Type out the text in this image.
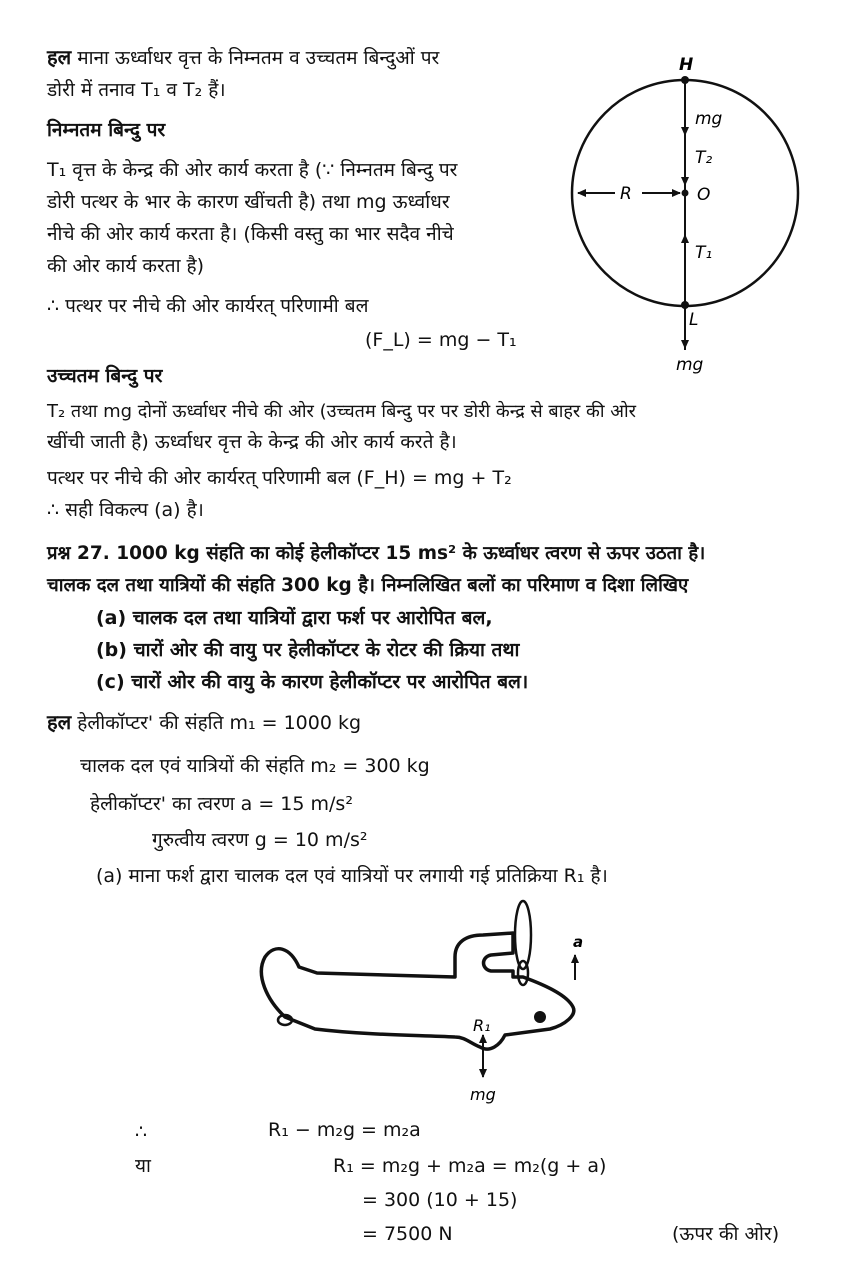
हल माना ऊर्ध्वाधर वृत्त के निम्नतम व उच्चतम बिन्दुओं पर
डोरी में तनाव T₁ व T₂ हैं।
निम्नतम बिन्दु पर
T₁ वृत्त के केन्द्र की ओर कार्य करता है (∵ निम्नतम बिन्दु पर
डोरी पत्थर के भार के कारण खींचती है) तथा mg ऊर्ध्वाधर
नीचे की ओर कार्य करता है। (किसी वस्तु का भार सदैव नीचे
की ओर कार्य करता है)
∴ पत्थर पर नीचे की ओर कार्यरत् परिणामी बल
(F_L) = mg − T₁
उच्चतम बिन्दु पर
T₂ तथा mg दोनों ऊर्ध्वाधर नीचे की ओर (उच्चतम बिन्दु पर पर डोरी केन्द्र से बाहर की ओर
खींची जाती है) ऊर्ध्वाधर वृत्त के केन्द्र की ओर कार्य करते है।
पत्थर पर नीचे की ओर कार्यरत् परिणामी बल (F_H) = mg + T₂
∴ सही विकल्प (a) है।
H
mg
T₂
R	O
T₁
L
mg
प्रश्न 27. 1000 kg संहति का कोई हेलीकॉप्टर 15 ms² के ऊर्ध्वाधर त्वरण से ऊपर उठता है।
चालक दल तथा यात्रियों की संहति 300 kg है। निम्नलिखित बलों का परिमाण व दिशा लिखिए
(a) चालक दल तथा यात्रियों द्वारा फर्श पर आरोपित बल,
(b) चारों ओर की वायु पर हेलीकॉप्टर के रोटर की क्रिया तथा
(c) चारों ओर की वायु के कारण हेलीकॉप्टर पर आरोपित बल।
हल हेलीकॉप्टर' की संहति m₁ = 1000 kg
चालक दल एवं यात्रियों की संहति m₂ = 300 kg
हेलीकॉप्टर' का त्वरण a = 15 m/s²
गुरुत्वीय त्वरण g = 10 m/s²
(a) माना फर्श द्वारा चालक दल एवं यात्रियों पर लगायी गई प्रतिक्रिया R₁ है।
a
R₁
mg
∴	R₁ − m₂g = m₂a
या	R₁ = m₂g + m₂a = m₂(g + a)
= 300 (10 + 15)
= 7500 N	(ऊपर की ओर)
